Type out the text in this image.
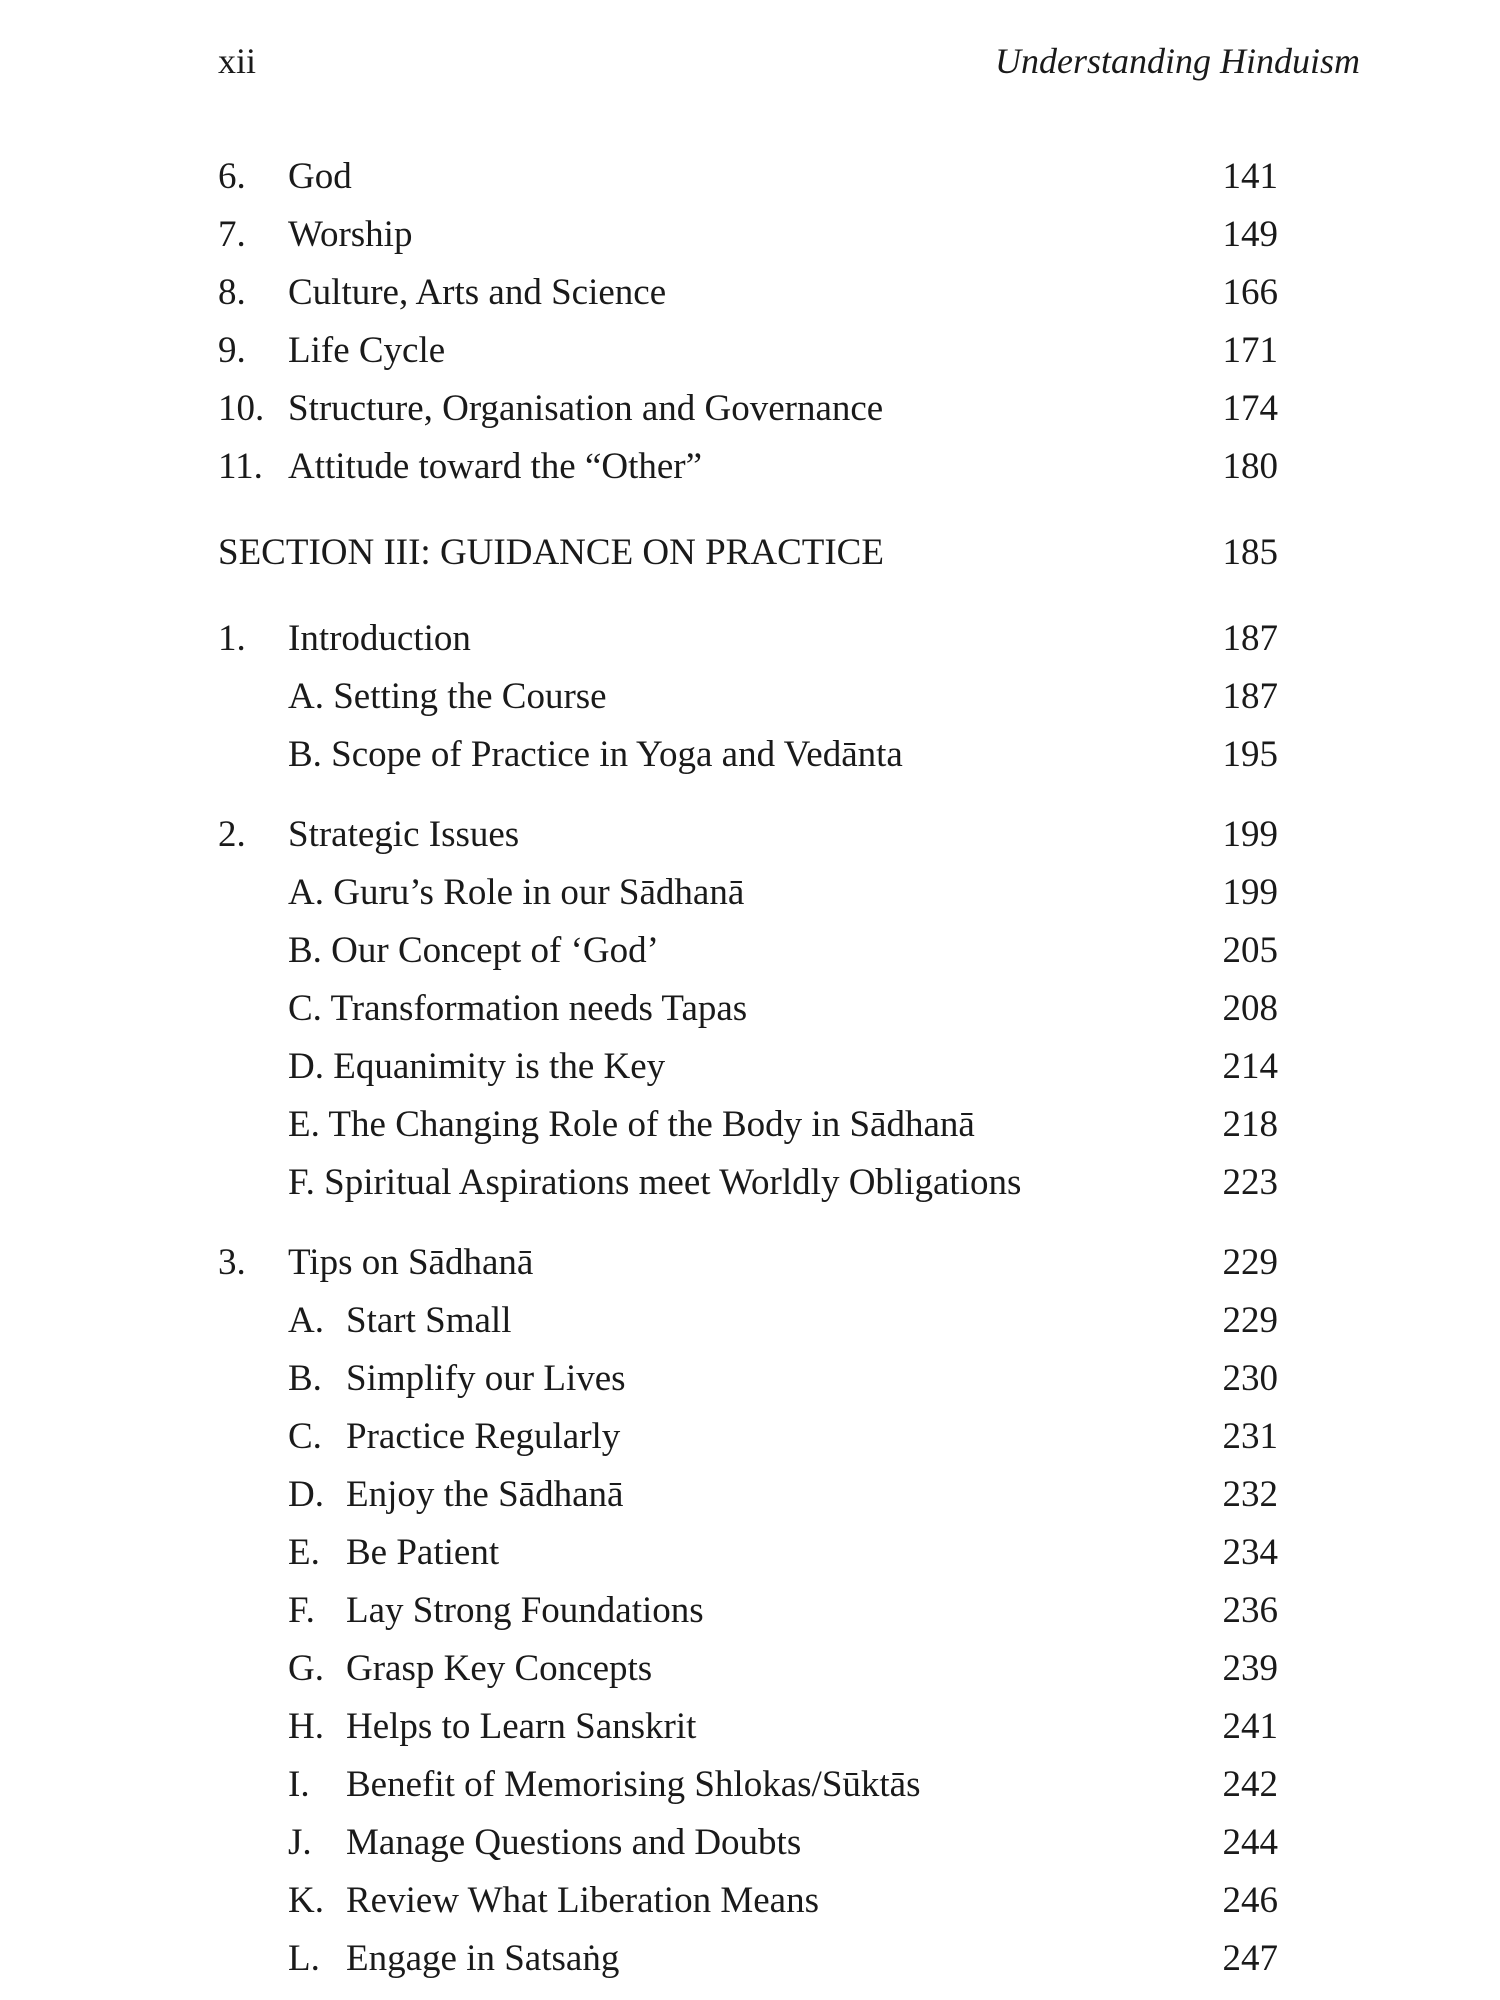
xii	Understanding Hinduism
6. God	141
7. Worship	149
8. Culture, Arts and Science	166
9. Life Cycle	171
10. Structure, Organisation and Governance	174
11. Attitude toward the “Other”	180
SECTION III: GUIDANCE ON PRACTICE	185
1. Introduction	187
A. Setting the Course	187
B. Scope of Practice in Yoga and Vedānta	195
2. Strategic Issues	199
A. Guru’s Role in our Sādhanā	199
B. Our Concept of ‘God’	205
C. Transformation needs Tapas	208
D. Equanimity is the Key	214
E. The Changing Role of the Body in Sādhanā	218
F. Spiritual Aspirations meet Worldly Obligations	223
3. Tips on Sādhanā	229
A. Start Small	229
B. Simplify our Lives	230
C. Practice Regularly	231
D. Enjoy the Sādhanā	232
E. Be Patient	234
F. Lay Strong Foundations	236
G. Grasp Key Concepts	239
H. Helps to Learn Sanskrit	241
I. Benefit of Memorising Shlokas/Sūktās	242
J. Manage Questions and Doubts	244
K. Review What Liberation Means	246
L. Engage in Satsaṅg	247
